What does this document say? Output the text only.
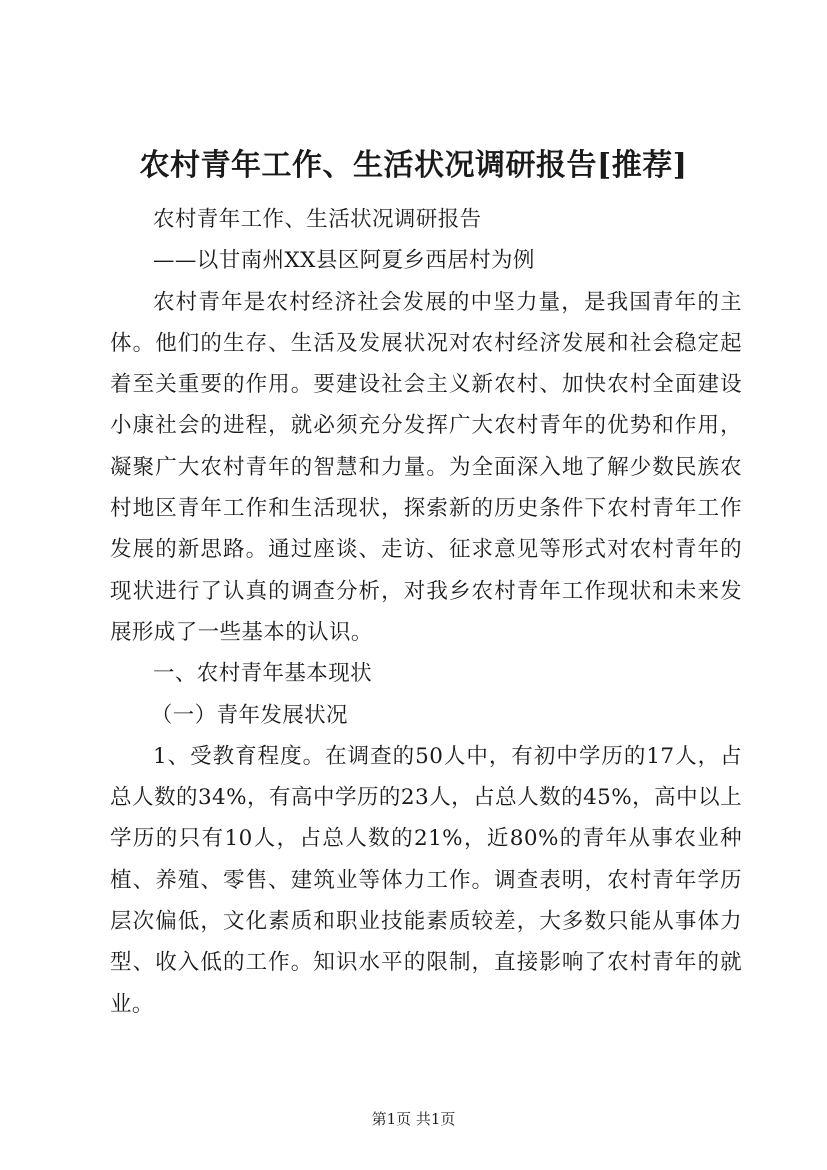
农村青年工作、生活状况调研报告[推荐]

农村青年工作、生活状况调研报告

——以甘南州XX县区阿夏乡西居村为例

农村青年是农村经济社会发展的中坚力量，是我国青年的主体。他们的生存、生活及发展状况对农村经济发展和社会稳定起着至关重要的作用。要建设社会主义新农村、加快农村全面建设小康社会的进程，就必须充分发挥广大农村青年的优势和作用，凝聚广大农村青年的智慧和力量。为全面深入地了解少数民族农村地区青年工作和生活现状，探索新的历史条件下农村青年工作发展的新思路。通过座谈、走访、征求意见等形式对农村青年的现状进行了认真的调查分析，对我乡农村青年工作现状和未来发展形成了一些基本的认识。

一、农村青年基本现状

（一）青年发展状况

1、受教育程度。在调查的50人中，有初中学历的17人，占总人数的34%，有高中学历的23人，占总人数的45%，高中以上学历的只有10人，占总人数的21%，近80%的青年从事农业种植、养殖、零售、建筑业等体力工作。调查表明，农村青年学历层次偏低，文化素质和职业技能素质较差，大多数只能从事体力型、收入低的工作。知识水平的限制，直接影响了农村青年的就业。

第1页 共1页
